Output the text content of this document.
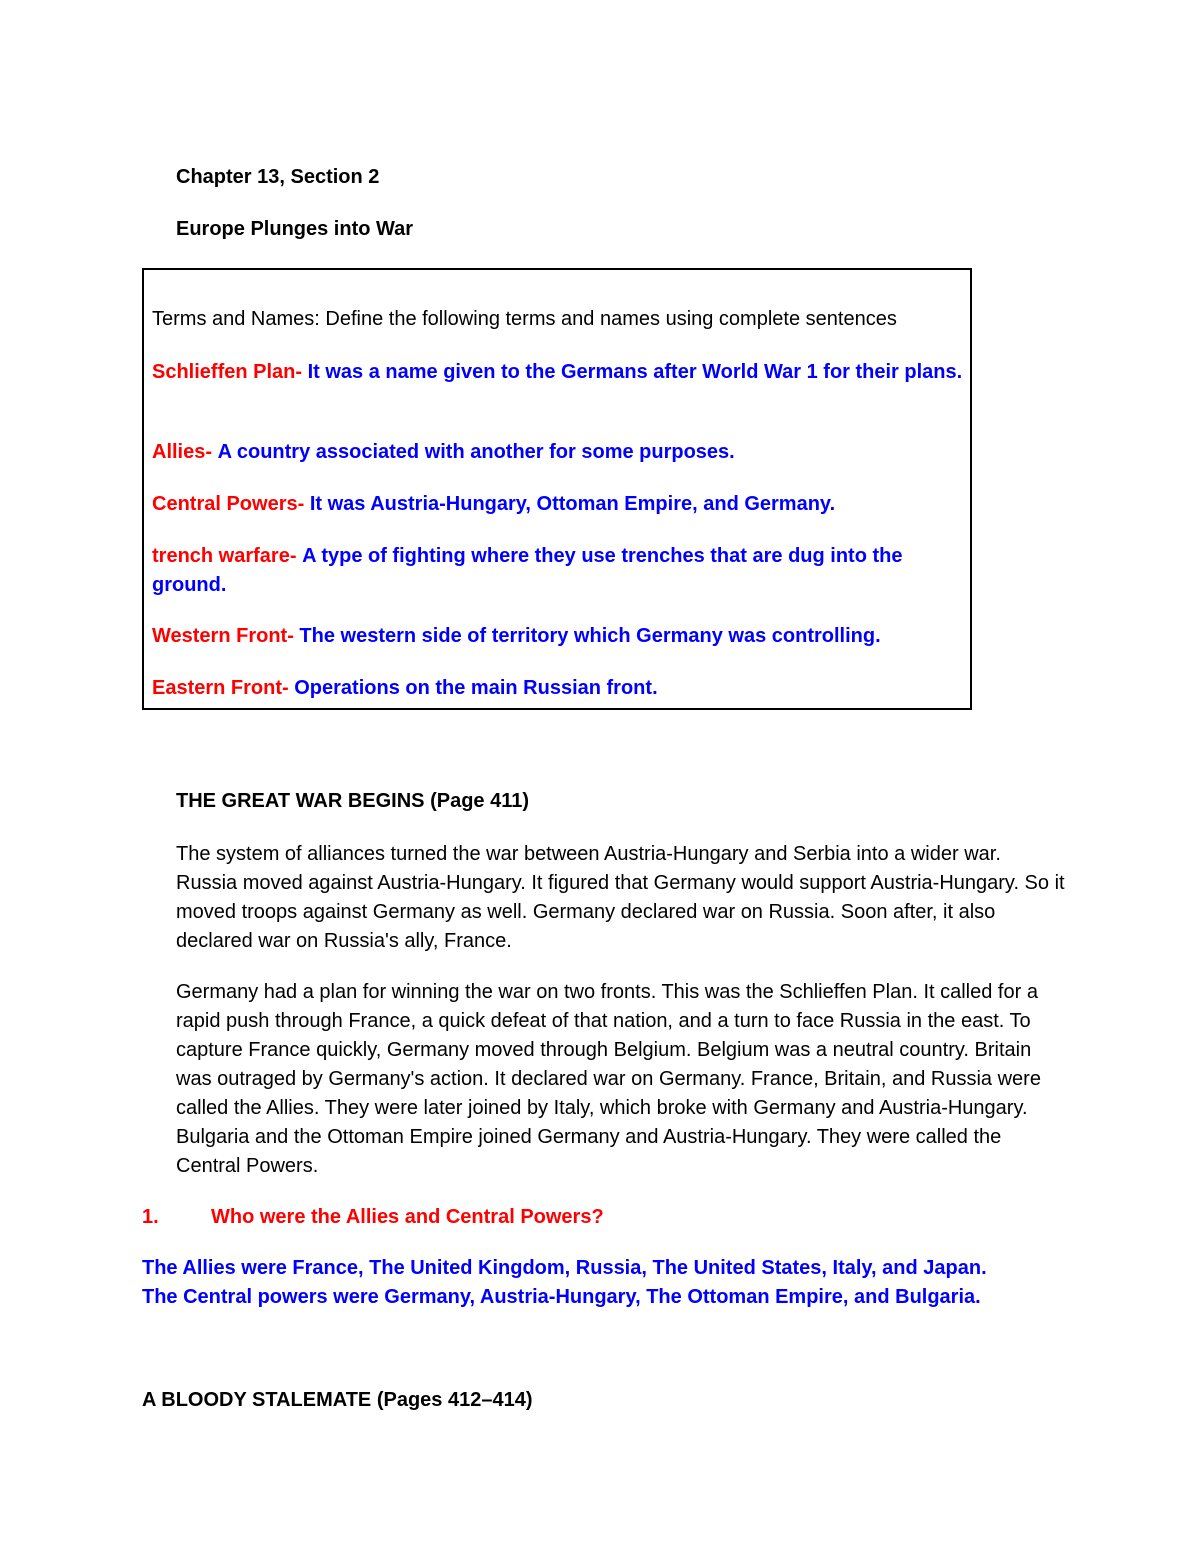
Chapter 13, Section 2
Europe Plunges into War
Terms and Names: Define the following terms and names using complete sentences
Schlieffen Plan- It was a name given to the Germans after World War 1 for their plans.
Allies- A country associated with another for some purposes.
Central Powers- It was Austria-Hungary, Ottoman Empire, and Germany.
trench warfare- A type of fighting where they use trenches that are dug into the ground.
Western Front- The western side of territory which Germany was controlling.
Eastern Front- Operations on the main Russian front.
THE GREAT WAR BEGINS (Page 411)
The system of alliances turned the war between Austria-Hungary and Serbia into a wider war. Russia moved against Austria-Hungary. It figured that Germany would support Austria-Hungary. So it moved troops against Germany as well. Germany declared war on Russia. Soon after, it also declared war on Russia's ally, France.
Germany had a plan for winning the war on two fronts. This was the Schlieffen Plan. It called for a rapid push through France, a quick defeat of that nation, and a turn to face Russia in the east. To capture France quickly, Germany moved through Belgium. Belgium was a neutral country. Britain was outraged by Germany's action. It declared war on Germany. France, Britain, and Russia were called the Allies. They were later joined by Italy, which broke with Germany and Austria-Hungary. Bulgaria and the Ottoman Empire joined Germany and Austria-Hungary. They were called the Central Powers.
1.	Who were the Allies and Central Powers?
The Allies were France, The United Kingdom, Russia, The United States, Italy, and Japan.
The Central powers were Germany, Austria-Hungary, The Ottoman Empire, and Bulgaria.
A BLOODY STALEMATE (Pages 412–414)
